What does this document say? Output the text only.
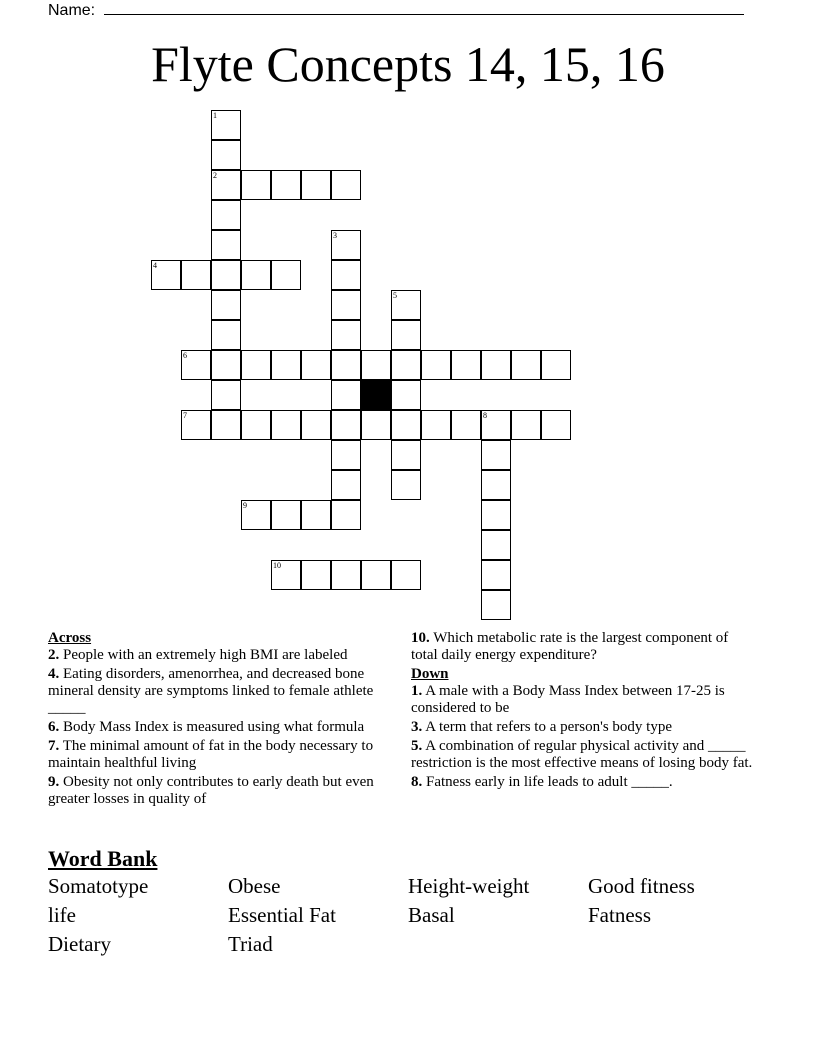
Name:
Flyte Concepts 14, 15, 16
1
2
3
4
5
6
7	8
9
10
Across
2. People with an extremely high BMI are labeled
4. Eating disorders, amenorrhea, and decreased bone mineral density are symptoms linked to female athlete _____
6. Body Mass Index is measured using what formula
7. The minimal amount of fat in the body necessary to maintain healthful living
9. Obesity not only contributes to early death but even greater losses in quality of
10. Which metabolic rate is the largest component of total daily energy expenditure?
Down
1. A male with a Body Mass Index between 17-25 is considered to be
3. A term that refers to a person's body type
5. A combination of regular physical activity and _____ restriction is the most effective means of losing body fat.
8. Fatness early in life leads to adult _____.
Word Bank
Somatotype	Obese	Height-weight	Good fitness
life	Essential Fat	Basal	Fatness
Dietary	Triad
